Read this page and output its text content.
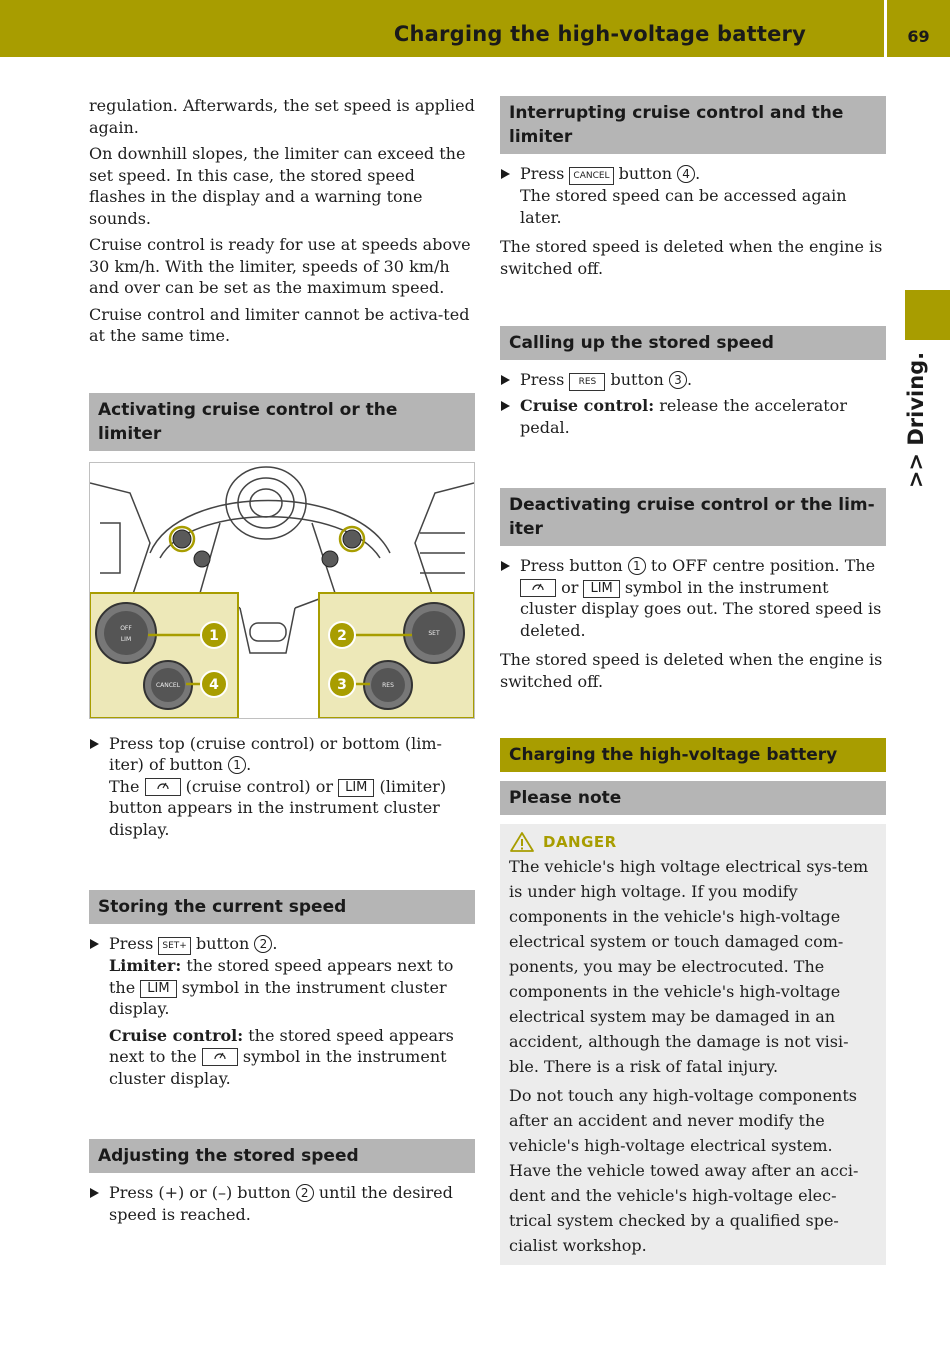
Charging the high-voltage battery	69
>> Driving.

regulation. Afterwards, the set speed is applied again.

On downhill slopes, the limiter can exceed the set speed. In this case, the stored speed flashes in the display and a warning tone sounds.

Cruise control is ready for use at speeds above 30 km/h. With the limiter, speeds of 30 km/h and over can be set as the maximum speed.

Cruise control and limiter cannot be activa-ted at the same time.

Activating cruise control or the limiter
OFF
LIM
CANCEL
1
4
SET
RES
2
3
Press top (cruise control) or bottom (lim-iter) of button 1 .
The	(cruise control) or LIM (limiter) button appears in the instrument cluster display.
Storing the current speed
Press SET+ button 2 .
Limiter: the stored speed appears next to the LIM symbol in the instrument cluster display.
Cruise control: the stored speed appears next to the	symbol in the instrument cluster display.
Adjusting the stored speed
Press (+) or (–) button 2 until the desired speed is reached.
Interrupting cruise control and the limiter
Press CANCEL button 4 .
The stored speed can be accessed again later.

The stored speed is deleted when the engine is switched off.

Calling up the stored speed
Press RES button 3 .
Cruise control: release the accelerator pedal.
Deactivating cruise control or the lim-iter
Press button 1 to OFF centre position. The  or LIM symbol in the instrument cluster display goes out. The stored speed is deleted.

The stored speed is deleted when the engine is switched off.

Charging the high-voltage battery
Please note
DANGER

The vehicle's high voltage electrical sys-tem is under high voltage. If you modify components in the vehicle's high-voltage electrical system or touch damaged com-ponents, you may be electrocuted. The components in the vehicle's high-voltage electrical system may be damaged in an accident, although the damage is not visi-ble. There is a risk of fatal injury.

Do not touch any high-voltage components after an accident and never modify the vehicle's high-voltage electrical system. Have the vehicle towed away after an acci-dent and the vehicle's high-voltage elec-trical system checked by a qualified spe-cialist workshop.
